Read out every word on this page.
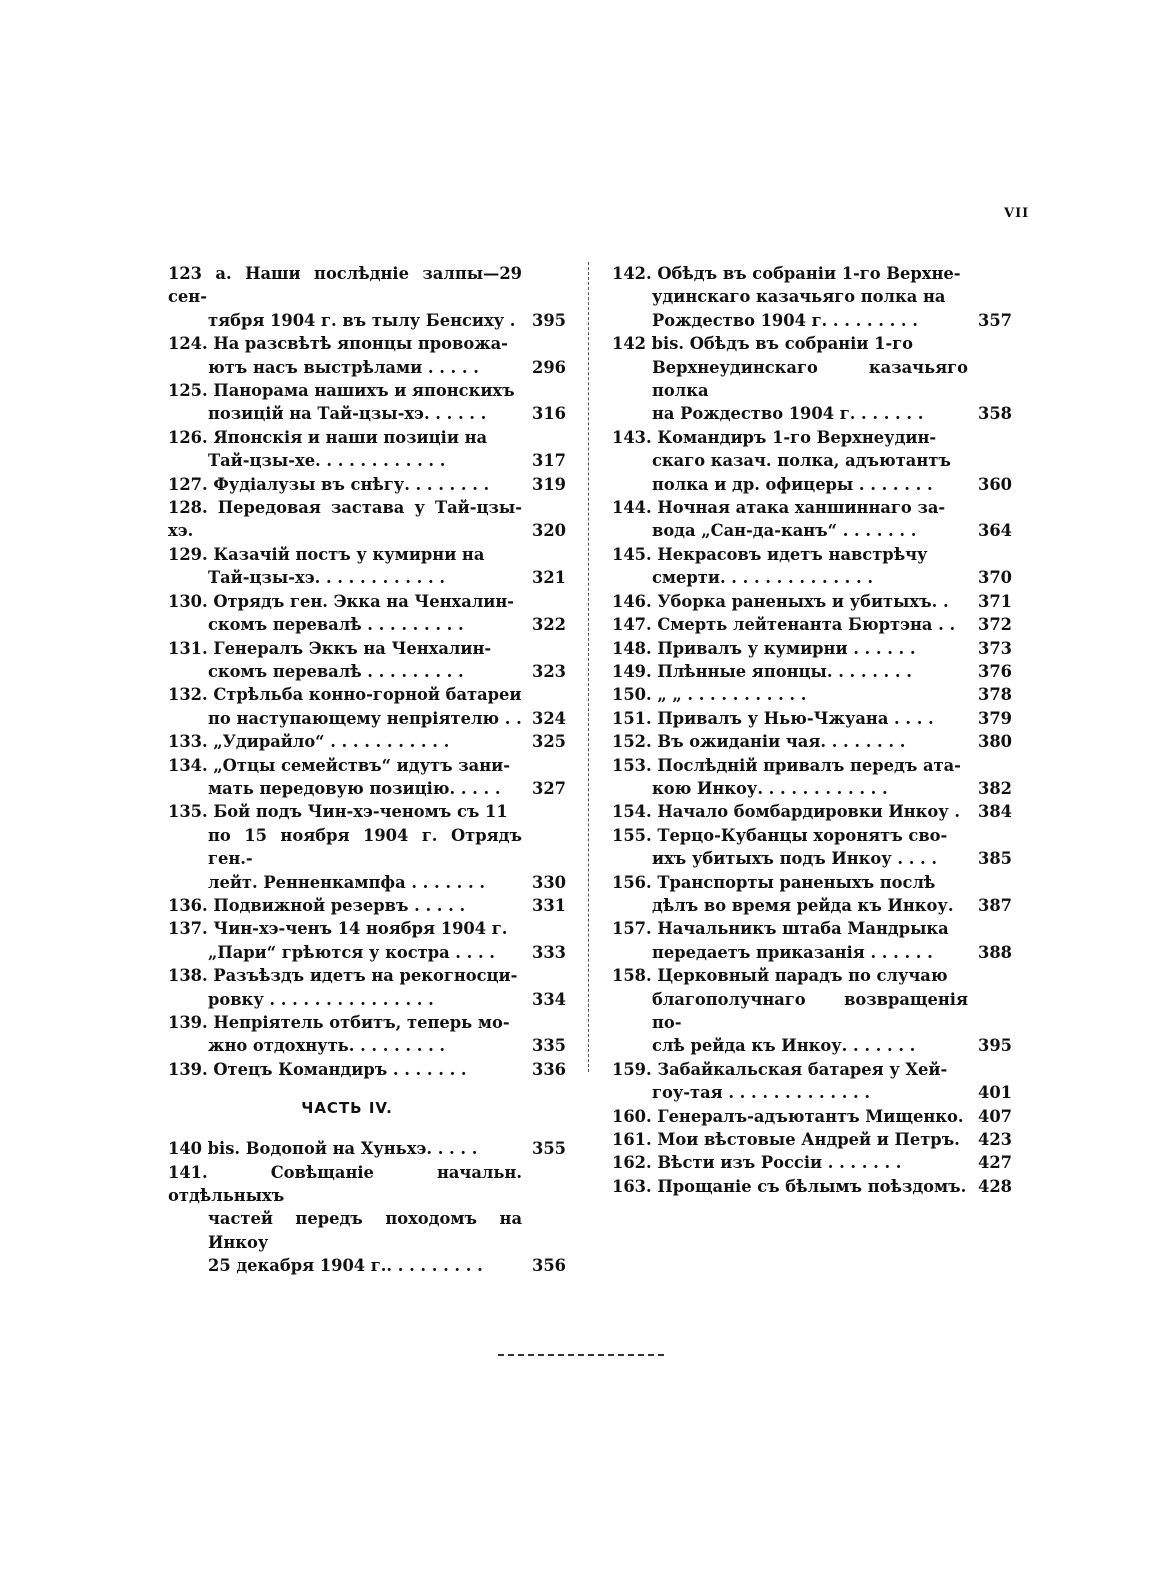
VII
123 a. Наши послѣдніе залпы—29 сен-
тября 1904 г. въ тылу Бенсиху .	395
124. На разсвѣтѣ японцы провожа-
ютъ насъ выстрѣлами . . . . .	296
125. Панорама нашихъ и японскихъ
позицій на Тай-цзы-хэ. . . . . .	316
126. Японскія и наши позиціи на
Тай-цзы-хе. . . . . . . . . . . .	317
127. Фудіалузы въ снѣгу. . . . . . . .	319
128. Передовая застава у Тай-цзы-хэ.	320
129. Казачій постъ у кумирни на
Тай-цзы-хэ. . . . . . . . . . . .	321
130. Отрядъ ген. Экка на Ченхалин-
скомъ перевалѣ . . . . . . . . .	322
131. Генералъ Эккъ на Ченхалин-
скомъ перевалѣ . . . . . . . . .	323
132. Стрѣльба конно-горной батареи
по наступающему непріятелю . . 324
133. „Удирайло“ . . . . . . . . . . .	325
134. „Отцы семействъ“ идутъ зани-
мать передовую позицію. . . . .	327
135. Бой подъ Чин-хэ-ченомъ съ 11
по 15 ноября 1904 г. Отрядъ ген.-
лейт. Ренненкампфа . . . . . . .	330
136. Подвижной резервъ . . . . .	331
137. Чин-хэ-ченъ 14 ноября 1904 г.
„Пари“ грѣются у костра . . . .	333
138. Разъѣздъ идетъ на рекогносци-
ровку . . . . . . . . . . . . . . .	334
139. Непріятель отбитъ, теперь мо-
жно отдохнуть. . . . . . . . .	335
139. Отецъ Командиръ . . . . . . .	336
ЧАСТЬ IV.
140 bis. Водопой на Хуньхэ. . . . .	355
141. Совѣщаніе начальн. отдѣльныхъ
частей передъ походомъ на Инкоу
25 декабря 1904 г.. . . . . . . . .	356
142. Обѣдъ въ собраніи 1-го Верхне-
удинскаго казачьяго полка на
Рождество 1904 г. . . . . . . . .	357
142 bis. Обѣдъ въ собраніи 1-го
Верхнеудинскаго казачьяго полка
на Рождество 1904 г. . . . . . .	358
143. Командиръ 1-го Верхнеудин-
скаго казач. полка, адъютантъ
полка и др. офицеры . . . . . . .	360
144. Ночная атака ханшиннаго за-
вода „Сан-да-канъ“ . . . . . . .	364
145. Некрасовъ идетъ навстрѣчу
смерти. . . . . . . . . . . . . .	370
146. Уборка раненыхъ и убитыхъ. .	371
147. Смерть лейтенанта Бюртэна . .	372
148. Привалъ у кумирни . . . . . .	373
149. Плѣнные японцы. . . . . . . .	376
150. „ „ . . . . . . . . . . .	378
151. Привалъ у Нью-Чжуана . . . .	379
152. Въ ожиданіи чая. . . . . . . .	380
153. Послѣдній привалъ передъ ата-
кою Инкоу. . . . . . . . . . . .	382
154. Начало бомбардировки Инкоу .	384
155. Терцо-Кубанцы хоронятъ сво-
ихъ убитыхъ подъ Инкоу . . . .	385
156. Транспорты раненыхъ послѣ
дѣлъ во время рейда къ Инкоу.	387
157. Начальникъ штаба Мандрыка
передаетъ приказанія . . . . . .	388
158. Церковный парадъ по случаю
благополучнаго возвращенія по-
слѣ рейда къ Инкоу. . . . . . .	395
159. Забайкальская батарея у Хей-
гоу-тая . . . . . . . . . . . . .	401
160. Генералъ-адъютантъ Мищенко. 407
161. Мои вѣстовые Андрей и Петръ.	423
162. Вѣсти изъ Россіи . . . . . . .	427
163. Прощаніе съ бѣлымъ поѣздомъ. 428
